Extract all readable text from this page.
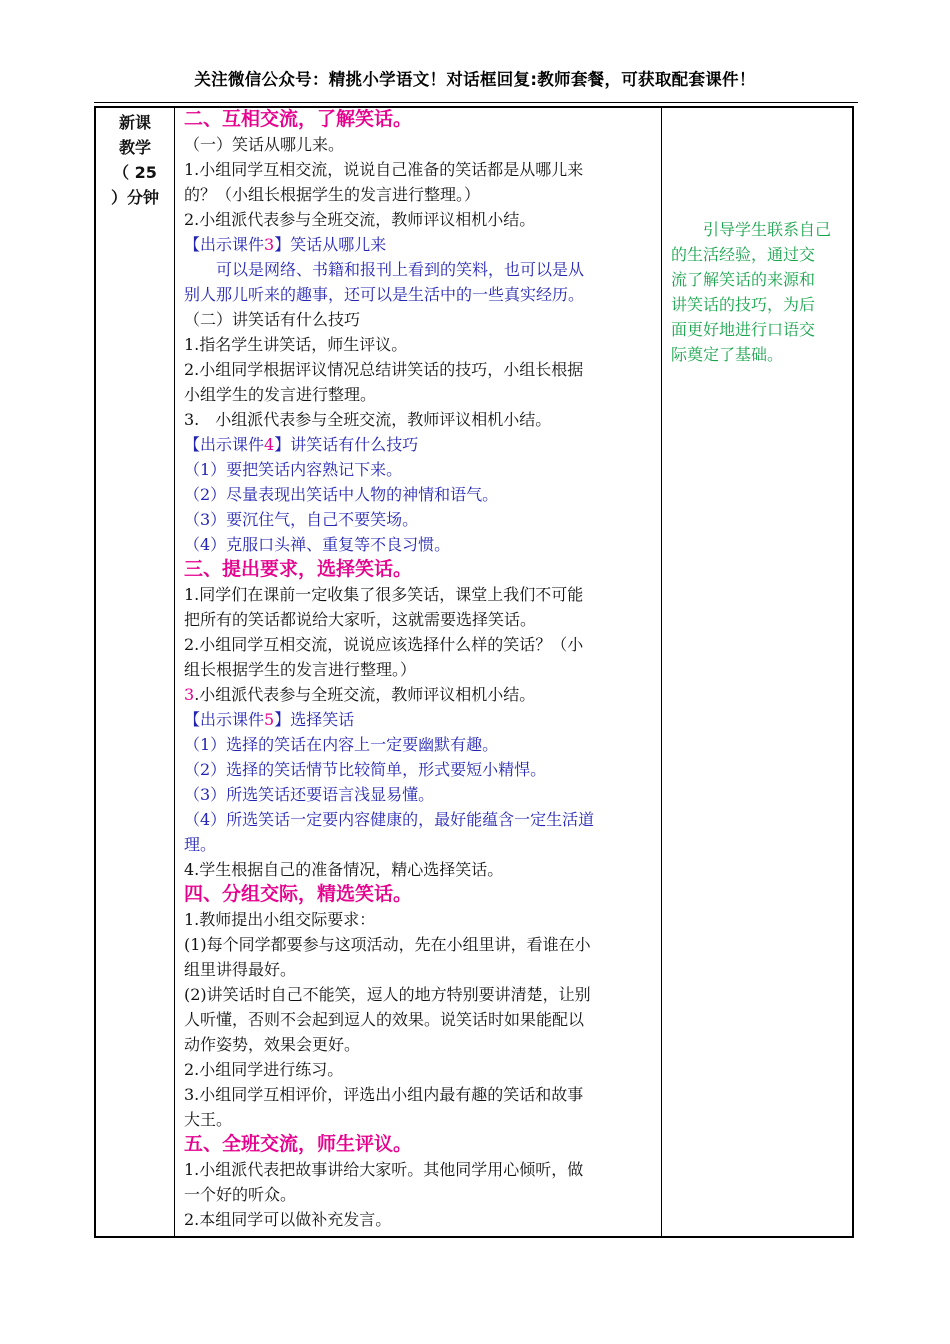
关注微信公众号：精挑小学语文！对话框回复:教师套餐，可获取配套课件！
新课
教学
（ 25
）分钟
二、互相交流，了解笑话。
（一）笑话从哪儿来。
1.小组同学互相交流，说说自己准备的笑话都是从哪儿来
的？（小组长根据学生的发言进行整理。）
2.小组派代表参与全班交流，教师评议相机小结。
【出示课件3】笑话从哪儿来
　　可以是网络、书籍和报刊上看到的笑料，也可以是从
别人那儿听来的趣事，还可以是生活中的一些真实经历。
（二）讲笑话有什么技巧
1.指名学生讲笑话，师生评议。
2.小组同学根据评议情况总结讲笑话的技巧，小组长根据
小组学生的发言进行整理。
3.　小组派代表参与全班交流，教师评议相机小结。
【出示课件4】讲笑话有什么技巧
（1）要把笑话内容熟记下来。
（2）尽量表现出笑话中人物的神情和语气。
（3）要沉住气，自己不要笑场。
（4）克服口头禅、重复等不良习惯。
三、提出要求，选择笑话。
1.同学们在课前一定收集了很多笑话，课堂上我们不可能
把所有的笑话都说给大家听，这就需要选择笑话。
2.小组同学互相交流，说说应该选择什么样的笑话？（小
组长根据学生的发言进行整理。）
3.小组派代表参与全班交流，教师评议相机小结。
【出示课件5】选择笑话
（1）选择的笑话在内容上一定要幽默有趣。
（2）选择的笑话情节比较简单，形式要短小精悍。
（3）所选笑话还要语言浅显易懂。
（4）所选笑话一定要内容健康的，最好能蕴含一定生活道
理。
4.学生根据自己的准备情况，精心选择笑话。
四、分组交际，精选笑话。
1.教师提出小组交际要求：
(1)每个同学都要参与这项活动，先在小组里讲，看谁在小
组里讲得最好。
(2)讲笑话时自己不能笑，逗人的地方特别要讲清楚，让别
人听懂，否则不会起到逗人的效果。说笑话时如果能配以
动作姿势，效果会更好。
2.小组同学进行练习。
3.小组同学互相评价，评选出小组内最有趣的笑话和故事
大王。
五、全班交流，师生评议。
1.小组派代表把故事讲给大家听。其他同学用心倾听，做
一个好的听众。
2.本组同学可以做补充发言。
　　引导学生联系自己
的生活经验，通过交
流了解笑话的来源和
讲笑话的技巧，为后
面更好地进行口语交
际奠定了基础。
